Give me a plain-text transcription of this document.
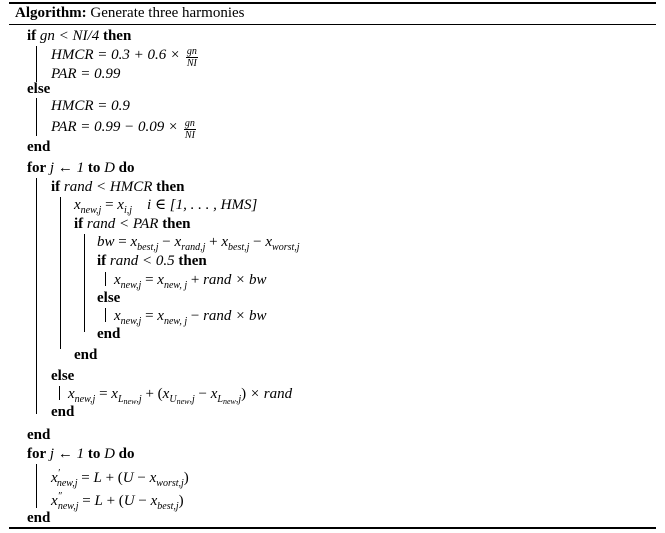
Algorithm: Generate three harmonies
if gn < NI/4 then
HMCR = $0.3 + 0.6 \times \frac{gn}{NI}$
PAR = 0.99
else
HMCR = 0.9
PAR = $0.99 - 0.09 \times \frac{gn}{NI}$
end
for j ← 1 to D do
if rand < HMCR then
$x_{new,j} = x_{i,j}$ i ∈ [1, . . . , HMS]
if rand < PAR then
bw = $x_{best,j} - x_{rand,j} + x_{best,j} - x_{worst,j}$
if rand < 0.5 then
$x_{new,j} = x_{new, j}$ + rand × bw
else
$x_{new,j} = x_{new, j}$ − rand × bw
end
end
else
$x_{new,j} = x_{L_{new},j} + (x_{U_{new},j} - x_{L_{new},j})$ × rand
end
end
for j ← 1 to D do
$x'_{new,j} = L + (U - x_{worst,j})$
$x''_{new,j} = L + (U - x_{best,j})$
end
